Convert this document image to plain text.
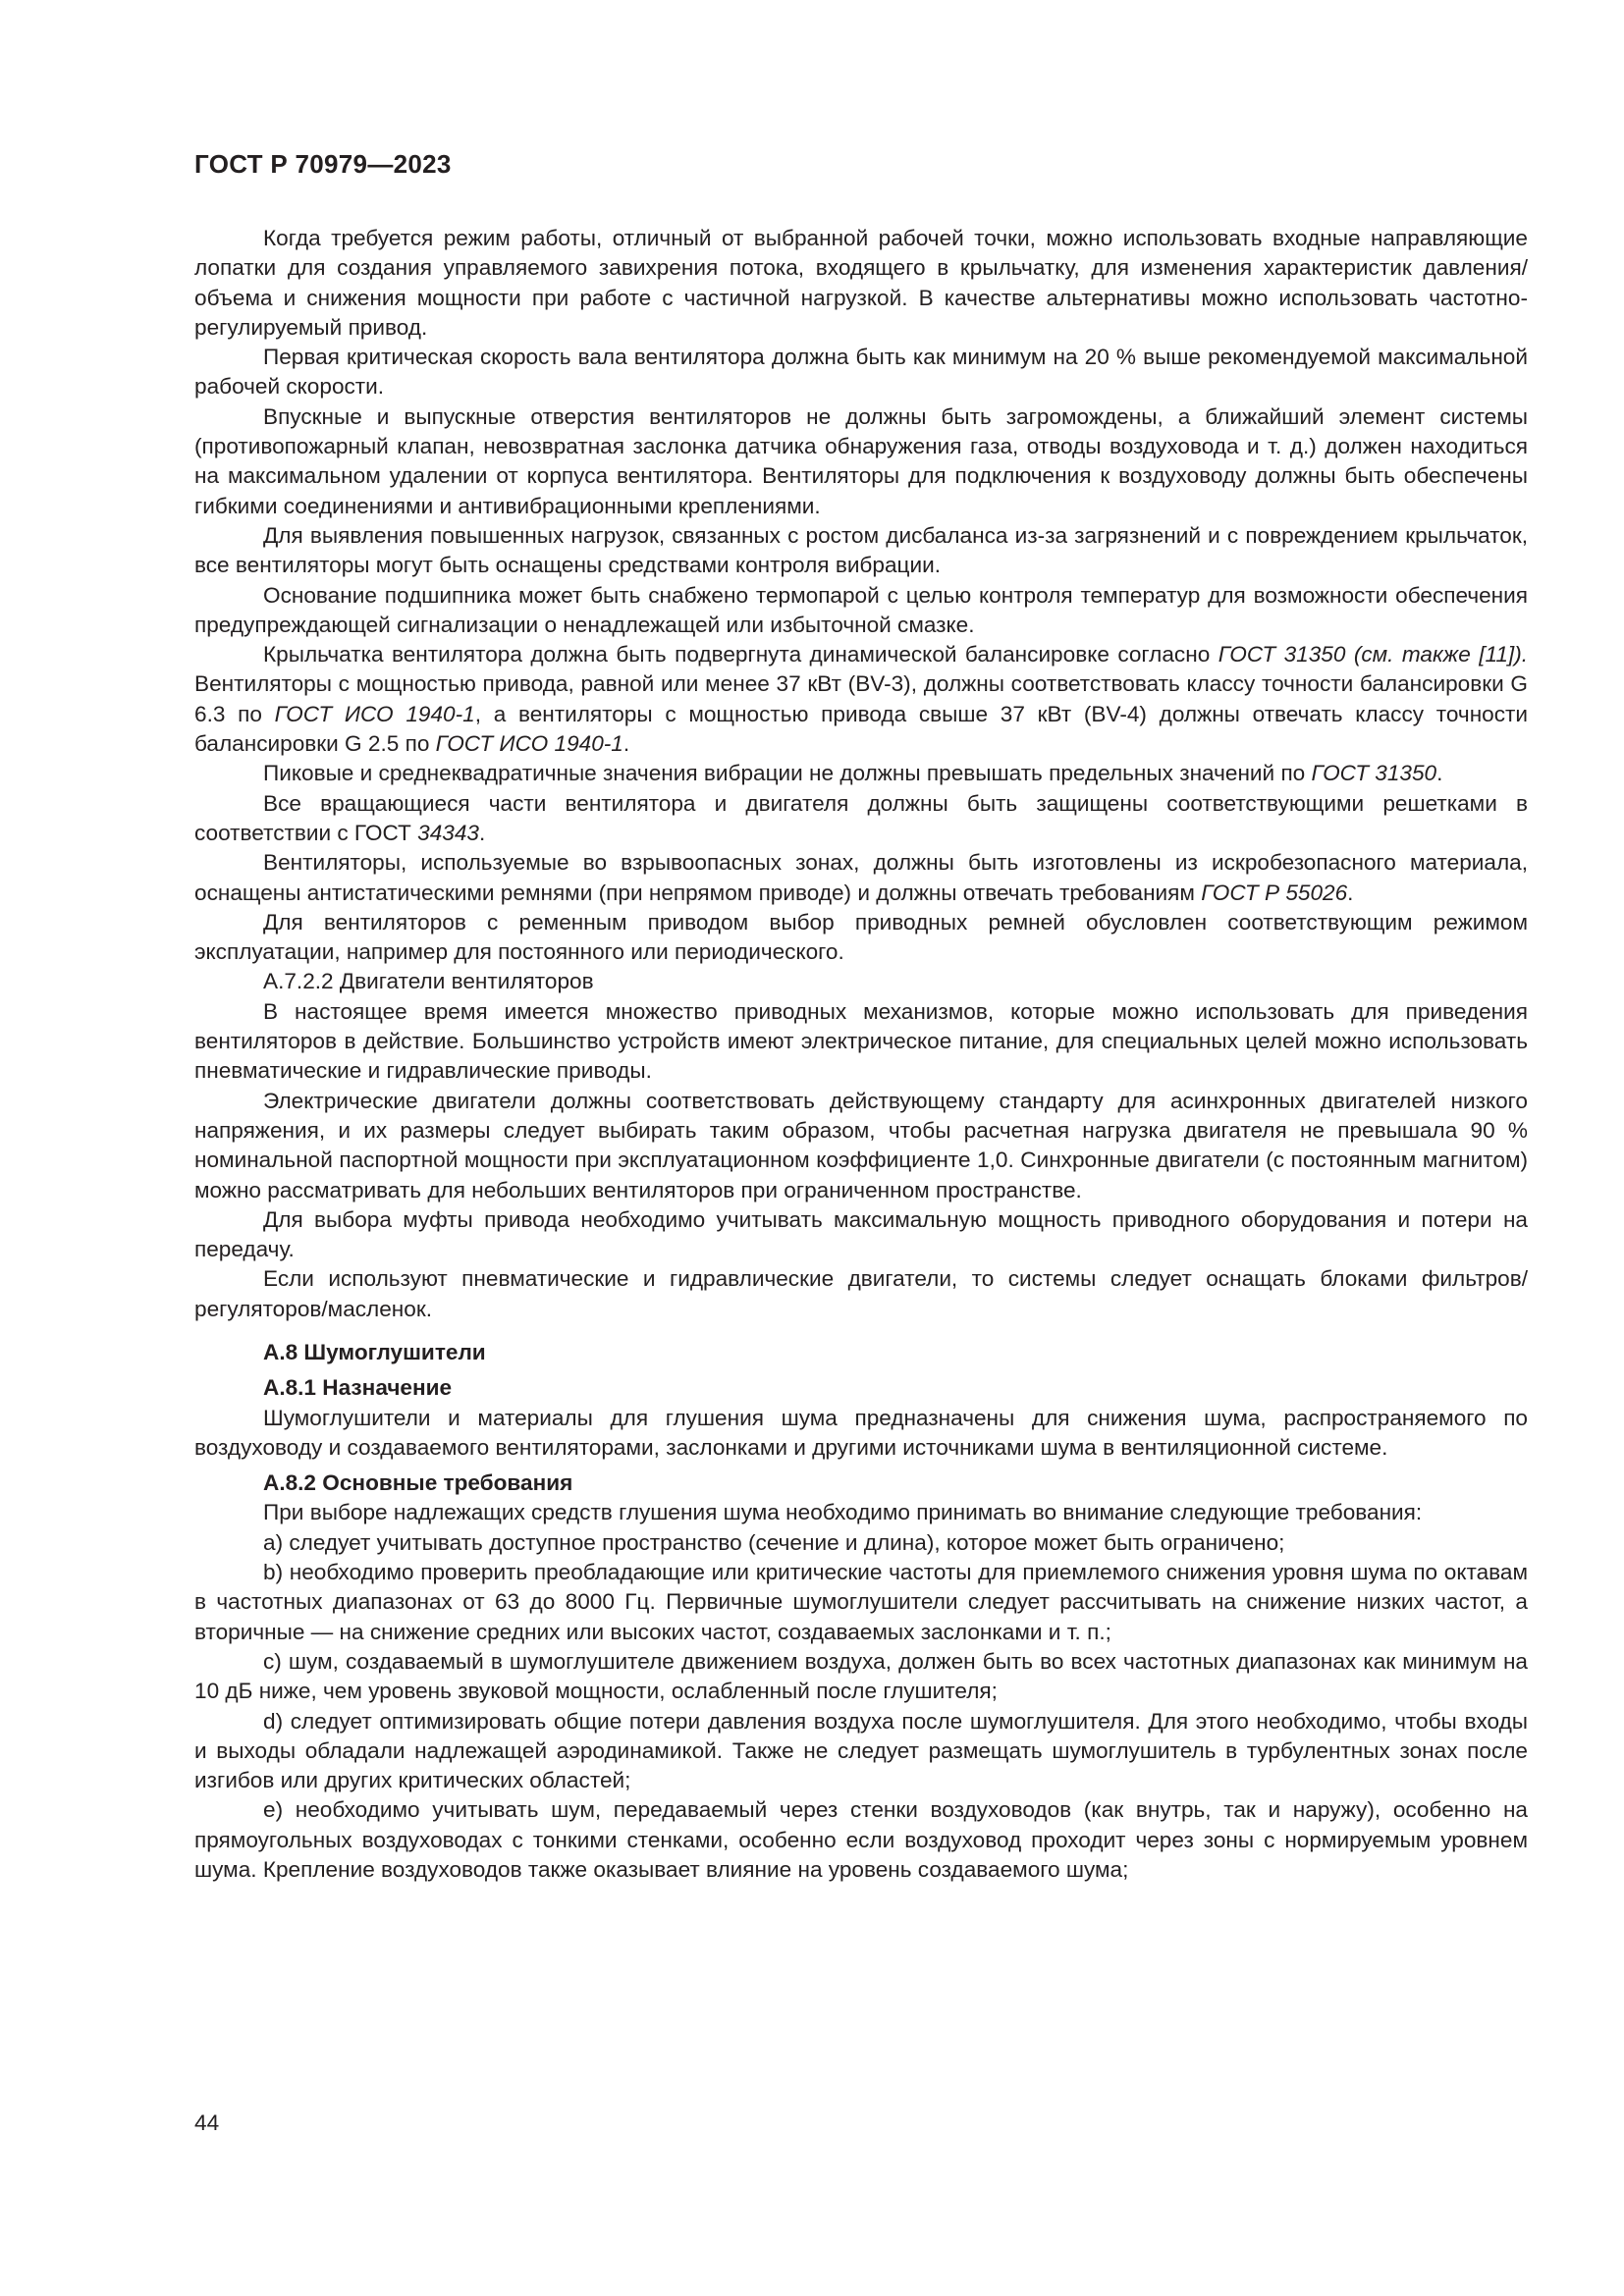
ГОСТ Р 70979—2023

Когда требуется режим работы, отличный от выбранной рабочей точки, можно использовать входные направляющие лопатки для создания управляемого завихрения потока, входящего в крыльчатку, для изменения характеристик давления/объема и снижения мощности при работе с частичной нагрузкой. В качестве альтернативы можно использовать частотно-регулируемый привод.

Первая критическая скорость вала вентилятора должна быть как минимум на 20 % выше рекомендуемой максимальной рабочей скорости.

Впускные и выпускные отверстия вентиляторов не должны быть загромождены, а ближайший элемент системы (противопожарный клапан, невозвратная заслонка датчика обнаружения газа, отводы воздуховода и т. д.) должен находиться на максимальном удалении от корпуса вентилятора. Вентиляторы для подключения к воздуховоду должны быть обеспечены гибкими соединениями и антивибрационными креплениями.

Для выявления повышенных нагрузок, связанных с ростом дисбаланса из-за загрязнений и с повреждением крыльчаток, все вентиляторы могут быть оснащены средствами контроля вибрации.

Основание подшипника может быть снабжено термопарой с целью контроля температур для возможности обеспечения предупреждающей сигнализации о ненадлежащей или избыточной смазке.

Крыльчатка вентилятора должна быть подвергнута динамической балансировке согласно ГОСТ 31350 (см. также [11]). Вентиляторы с мощностью привода, равной или менее 37 кВт (BV-3), должны соответствовать классу точности балансировки G 6.3 по ГОСТ ИСО 1940-1, а вентиляторы с мощностью привода свыше 37 кВт (BV-4) должны отвечать классу точности балансировки G 2.5 по ГОСТ ИСО 1940-1.

Пиковые и среднеквадратичные значения вибрации не должны превышать предельных значений по ГОСТ 31350.

Все вращающиеся части вентилятора и двигателя должны быть защищены соответствующими решетками в соответствии с ГОСТ 34343.

Вентиляторы, используемые во взрывоопасных зонах, должны быть изготовлены из искробезопасного материала, оснащены антистатическими ремнями (при непрямом приводе) и должны отвечать требованиям ГОСТ Р 55026.

Для вентиляторов с ременным приводом выбор приводных ремней обусловлен соответствующим режимом эксплуатации, например для постоянного или периодического.

А.7.2.2 Двигатели вентиляторов

В настоящее время имеется множество приводных механизмов, которые можно использовать для приведения вентиляторов в действие. Большинство устройств имеют электрическое питание, для специальных целей можно использовать пневматические и гидравлические приводы.

Электрические двигатели должны соответствовать действующему стандарту для асинхронных двигателей низкого напряжения, и их размеры следует выбирать таким образом, чтобы расчетная нагрузка двигателя не превышала 90 % номинальной паспортной мощности при эксплуатационном коэффициенте 1,0. Синхронные двигатели (с постоянным магнитом) можно рассматривать для небольших вентиляторов при ограниченном пространстве.

Для выбора муфты привода необходимо учитывать максимальную мощность приводного оборудования и потери на передачу.

Если используют пневматические и гидравлические двигатели, то системы следует оснащать блоками фильтров/регуляторов/масленок.

А.8 Шумоглушители

А.8.1 Назначение

Шумоглушители и материалы для глушения шума предназначены для снижения шума, распространяемого по воздуховоду и создаваемого вентиляторами, заслонками и другими источниками шума в вентиляционной системе.

А.8.2 Основные требования

При выборе надлежащих средств глушения шума необходимо принимать во внимание следующие требования:

a) следует учитывать доступное пространство (сечение и длина), которое может быть ограничено;

b) необходимо проверить преобладающие или критические частоты для приемлемого снижения уровня шума по октавам в частотных диапазонах от 63 до 8000 Гц. Первичные шумоглушители следует рассчитывать на снижение низких частот, а вторичные — на снижение средних или высоких частот, создаваемых заслонками и т. п.;

c) шум, создаваемый в шумоглушителе движением воздуха, должен быть во всех частотных диапазонах как минимум на 10 дБ ниже, чем уровень звуковой мощности, ослабленный после глушителя;

d) следует оптимизировать общие потери давления воздуха после шумоглушителя. Для этого необходимо, чтобы входы и выходы обладали надлежащей аэродинамикой. Также не следует размещать шумоглушитель в турбулентных зонах после изгибов или других критических областей;

e) необходимо учитывать шум, передаваемый через стенки воздуховодов (как внутрь, так и наружу), особенно на прямоугольных воздуховодах с тонкими стенками, особенно если воздуховод проходит через зоны с нормируемым уровнем шума. Крепление воздуховодов также оказывает влияние на уровень создаваемого шума;

44
